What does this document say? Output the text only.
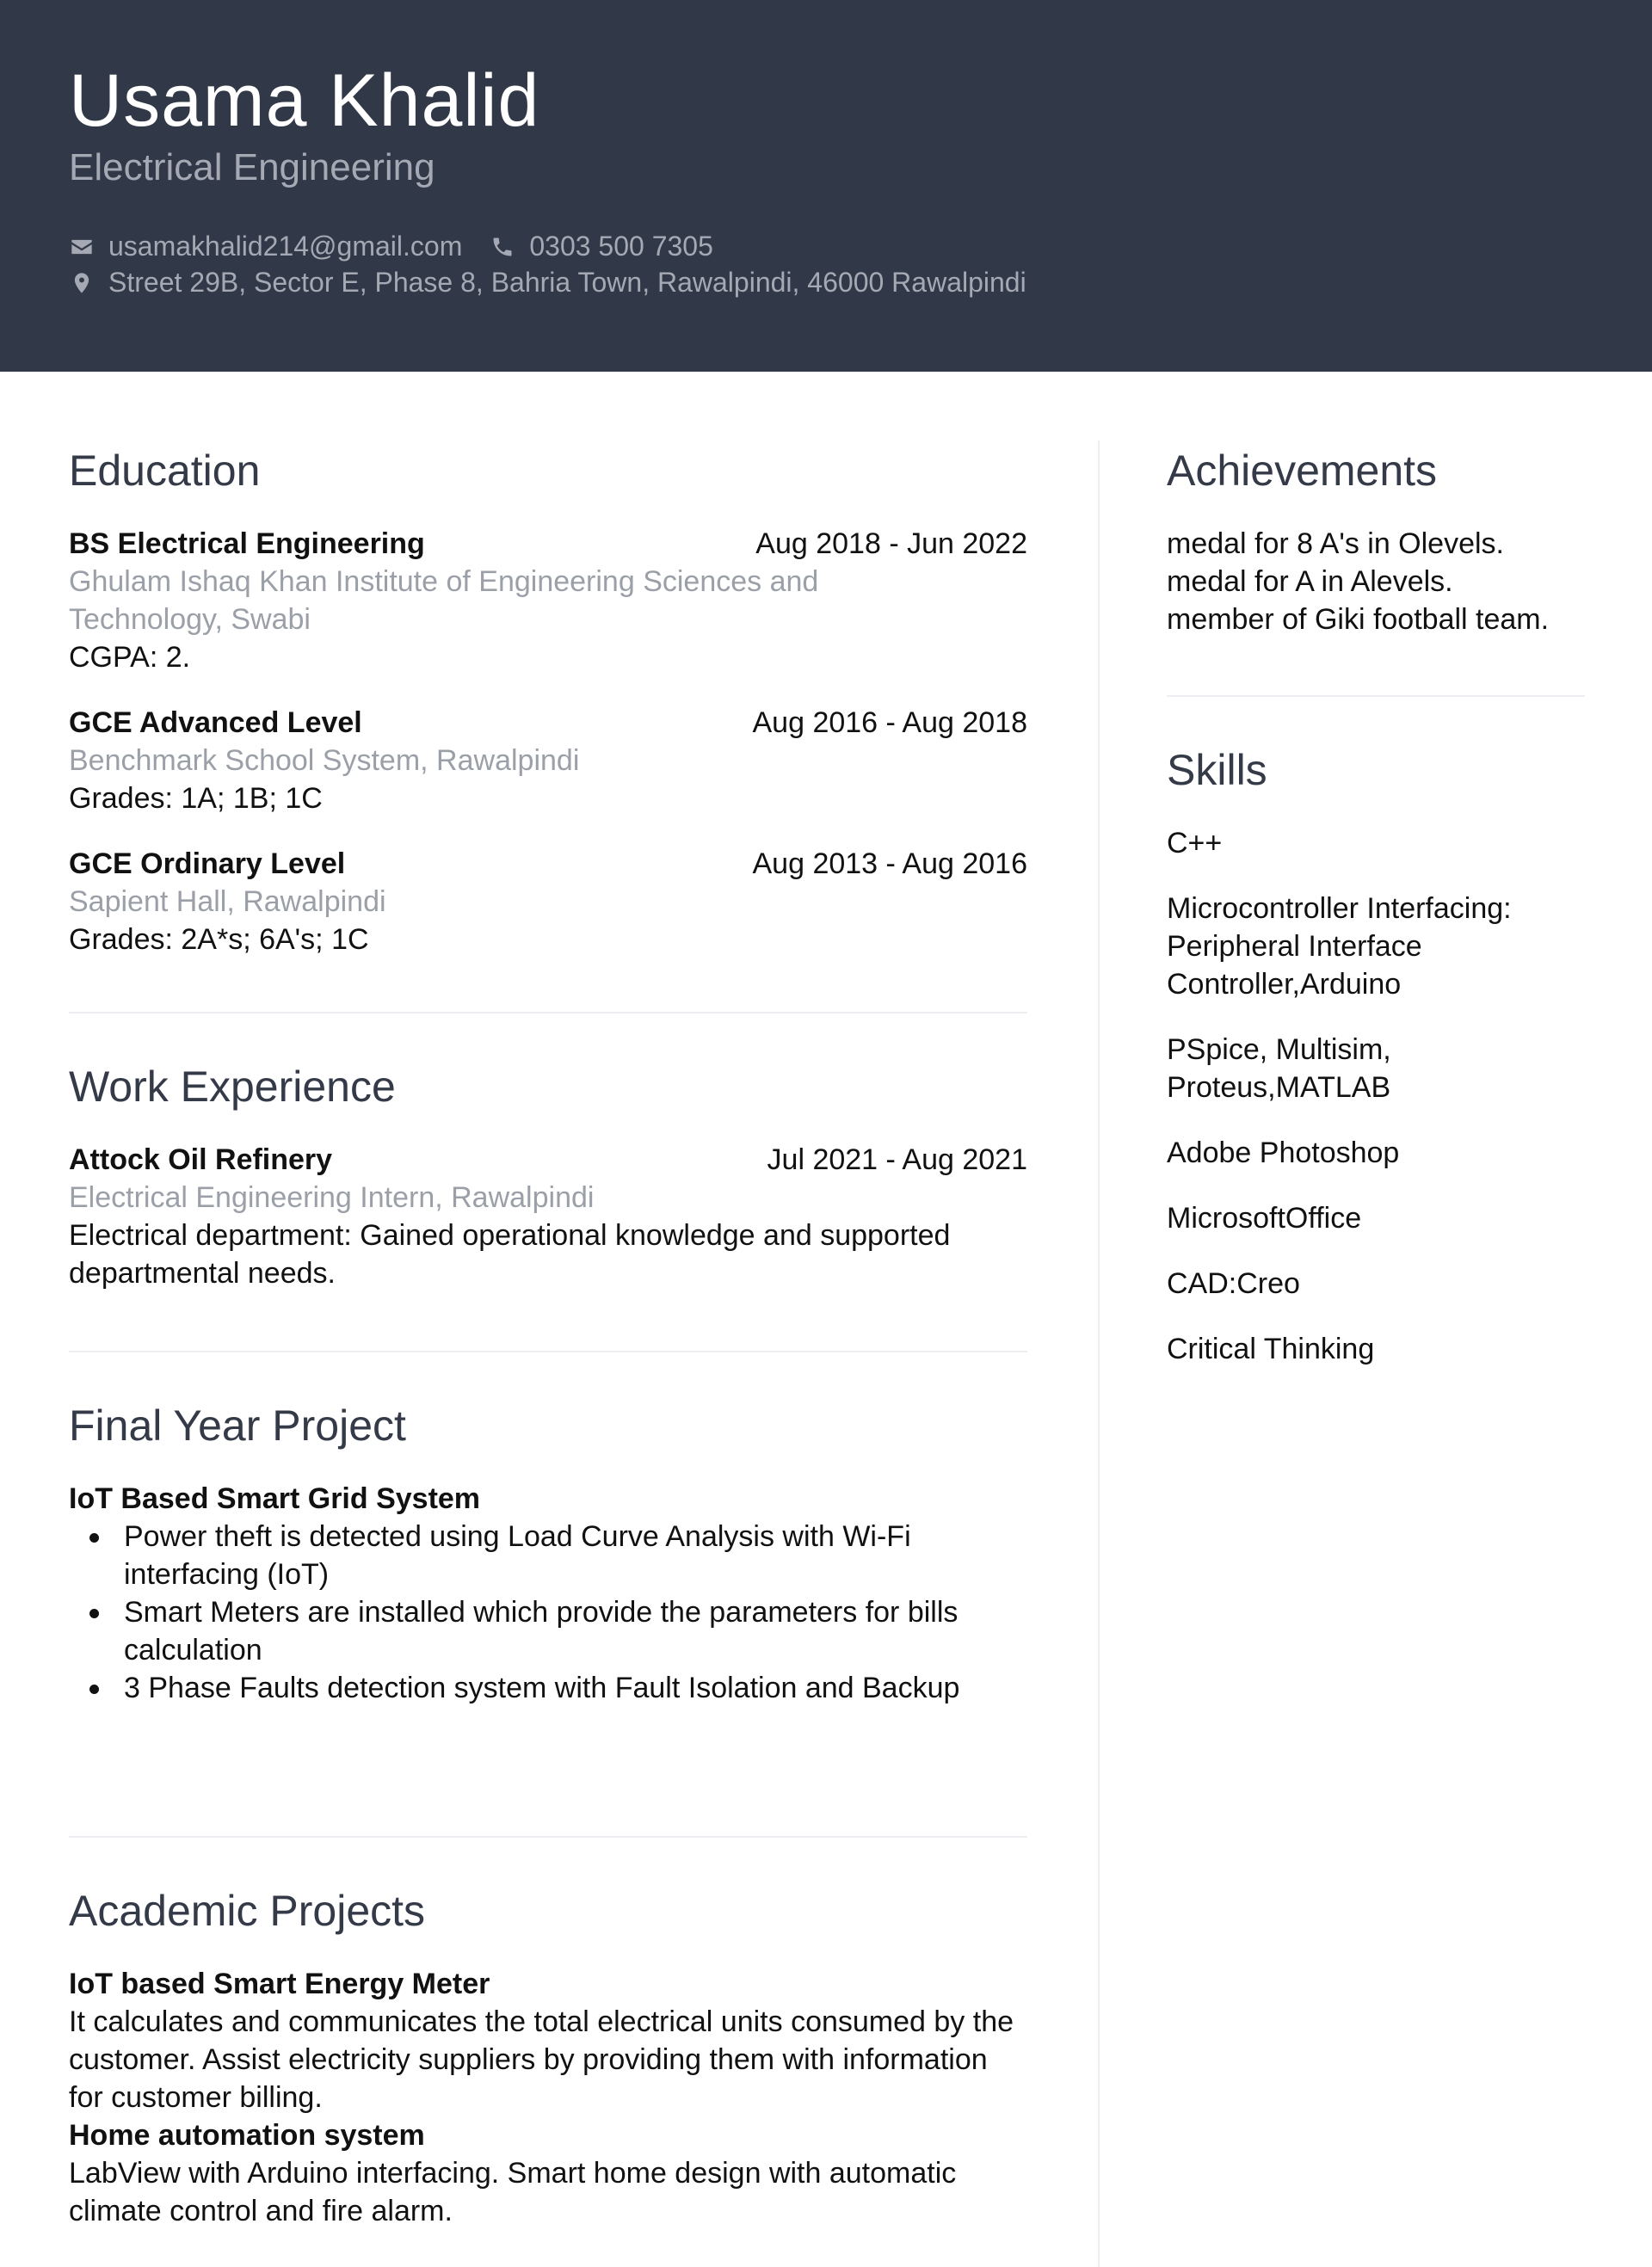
Usama Khalid
Electrical Engineering
usamakhalid214@gmail.com 0303 500 7305
Street 29B, Sector E, Phase 8, Bahria Town, Rawalpindi, 46000 Rawalpindi
Education
BS Electrical Engineering	Aug 2018 - Jun 2022
Ghulam Ishaq Khan Institute of Engineering Sciences and Technology, Swabi
CGPA: 2.
GCE Advanced Level	Aug 2016 - Aug 2018
Benchmark School System, Rawalpindi
Grades: 1A; 1B; 1C
GCE Ordinary Level	Aug 2013 - Aug 2016
Sapient Hall, Rawalpindi
Grades: 2A*s; 6A's; 1C
Work Experience
Attock Oil Refinery	Jul 2021 - Aug 2021
Electrical Engineering Intern, Rawalpindi
Electrical department: Gained operational knowledge and supported departmental needs.
Final Year Project
IoT Based Smart Grid System
Power theft is detected using Load Curve Analysis with Wi-Fi interfacing (IoT)
Smart Meters are installed which provide the parameters for bills calculation
3 Phase Faults detection system with Fault Isolation and Backup
Academic Projects
IoT based Smart Energy Meter
It calculates and communicates the total electrical units consumed by the customer. Assist electricity suppliers by providing them with information for customer billing.
Home automation system
LabView with Arduino interfacing. Smart home design with automatic climate control and fire alarm.
Achievements
medal for 8 A's in Olevels.
medal for A in Alevels.
member of Giki football team.
Skills
C++
Microcontroller Interfacing: Peripheral Interface Controller,Arduino
PSpice, Multisim, Proteus,MATLAB
Adobe Photoshop
MicrosoftOffice
CAD:Creo
Critical Thinking
